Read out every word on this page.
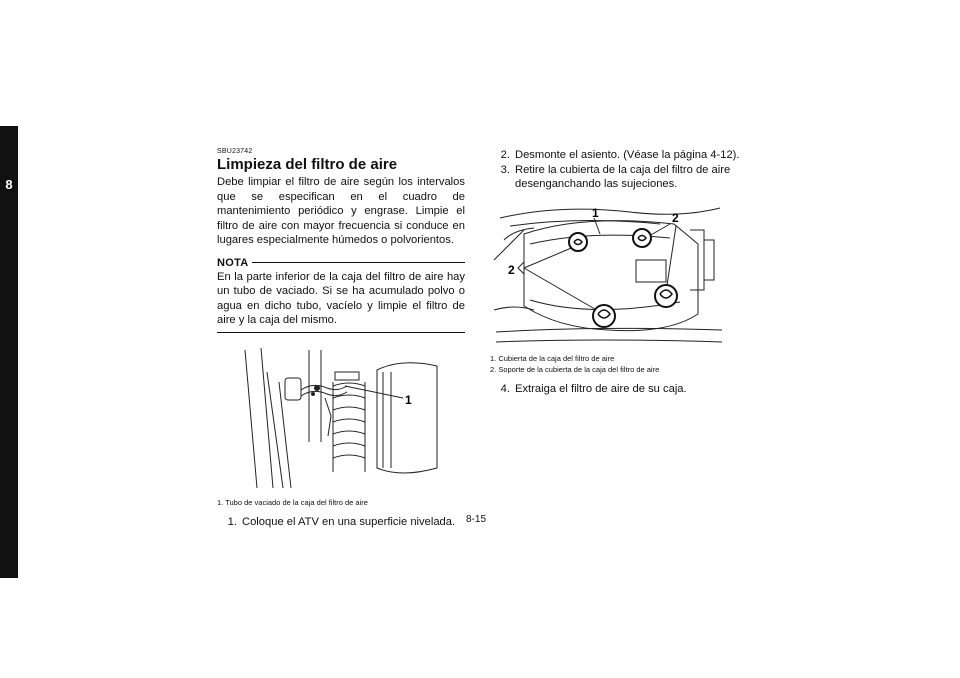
8
SBU23742
Limpieza del filtro de aire

Debe limpiar el filtro de aire según los intervalos que se especifican en el cuadro de mantenimiento periódico y engrase. Limpie el filtro de aire con mayor frecuencia si conduce en lugares especialmente húmedos o polvorientos.

NOTA

En la parte inferior de la caja del filtro de aire hay un tubo de vaciado. Si se ha acumulado polvo o agua en dicho tubo, vacíelo y limpie el filtro de aire y la caja del mismo.

1
1. Tubo de vaciado de la caja del filtro de aire
1. Coloque el ATV en una superficie nivelada.
2. Desmonte el asiento. (Véase la página 4-12).
3. Retire la cubierta de la caja del filtro de aire desenganchando las sujeciones.
1	2
2
1. Cubierta de la caja del filtro de aire
2. Soporte de la cubierta de la caja del filtro de aire
4. Extraiga el filtro de aire de su caja.
8-15
